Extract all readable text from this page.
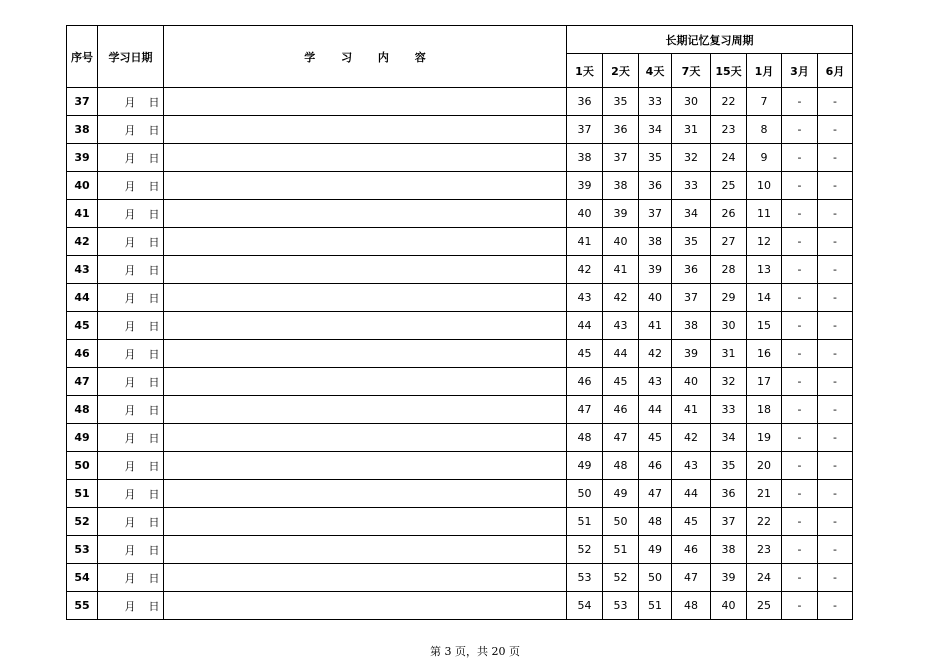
序号	学习日期	学 习 内 容	长期记忆复习周期							
			1天	2天	4天	7天	15天	1月	3月	6月
37	月 日		36	35	33	30	22	7	-	-
38	月 日		37	36	34	31	23	8	-	-
39	月 日		38	37	35	32	24	9	-	-
40	月 日		39	38	36	33	25	10	-	-
41	月 日		40	39	37	34	26	11	-	-
42	月 日		41	40	38	35	27	12	-	-
43	月 日		42	41	39	36	28	13	-	-
44	月 日		43	42	40	37	29	14	-	-
45	月 日		44	43	41	38	30	15	-	-
46	月 日		45	44	42	39	31	16	-	-
47	月 日		46	45	43	40	32	17	-	-
48	月 日		47	46	44	41	33	18	-	-
49	月 日		48	47	45	42	34	19	-	-
50	月 日		49	48	46	43	35	20	-	-
51	月 日		50	49	47	44	36	21	-	-
52	月 日		51	50	48	45	37	22	-	-
53	月 日		52	51	49	46	38	23	-	-
54	月 日		53	52	50	47	39	24	-	-
55	月 日		54	53	51	48	40	25	-	-
第 3 页，共 20 页
